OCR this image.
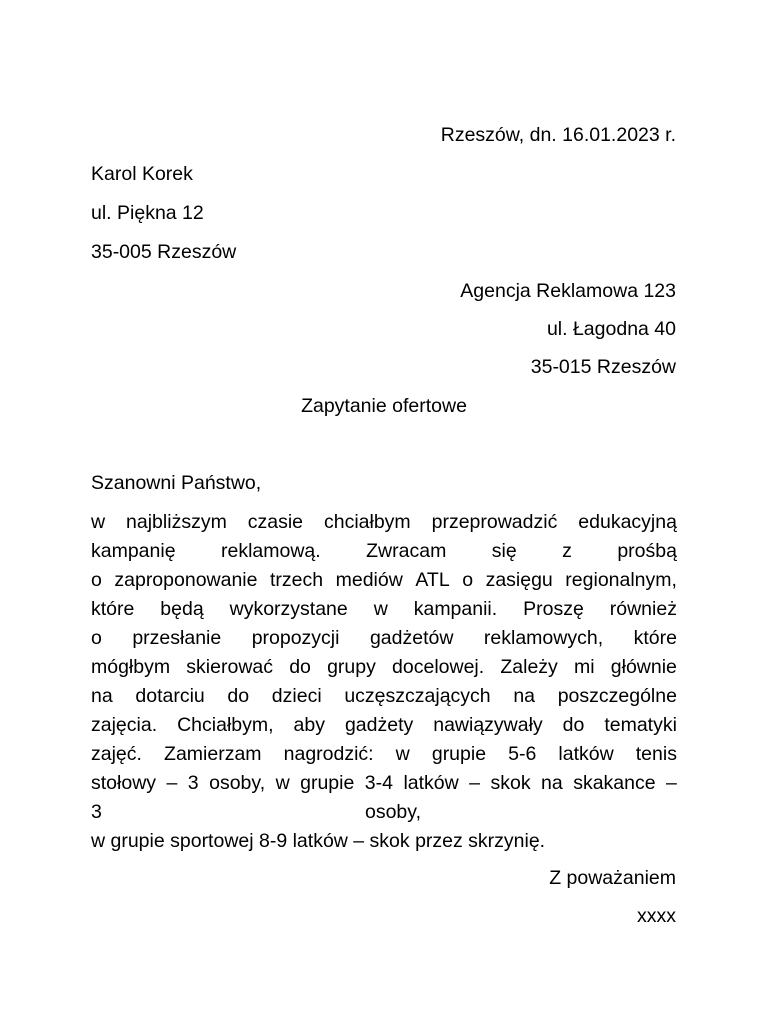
Rzeszów, dn. 16.01.2023 r.
Karol Korek
ul. Piękna 12
35-005 Rzeszów
Agencja Reklamowa 123
ul. Łagodna 40
35-015 Rzeszów
Zapytanie ofertowe
Szanowni Państwo,
w najbliższym czasie chciałbym przeprowadzić edukacyjną
kampanię reklamową. Zwracam się z prośbą
o zaproponowanie trzech mediów ATL o zasięgu regionalnym,
które będą wykorzystane w kampanii. Proszę również
o przesłanie propozycji gadżetów reklamowych, które
mógłbym skierować do grupy docelowej. Zależy mi głównie
na dotarciu do dzieci uczęszczających na poszczególne
zajęcia. Chciałbym, aby gadżety nawiązywały do tematyki
zajęć. Zamierzam nagrodzić: w grupie 5-6 latków tenis
stołowy – 3 osoby, w grupie 3-4 latków – skok na skakance –
3	osoby,
w grupie sportowej 8-9 latków – skok przez skrzynię.
Z poważaniem
xxxx
